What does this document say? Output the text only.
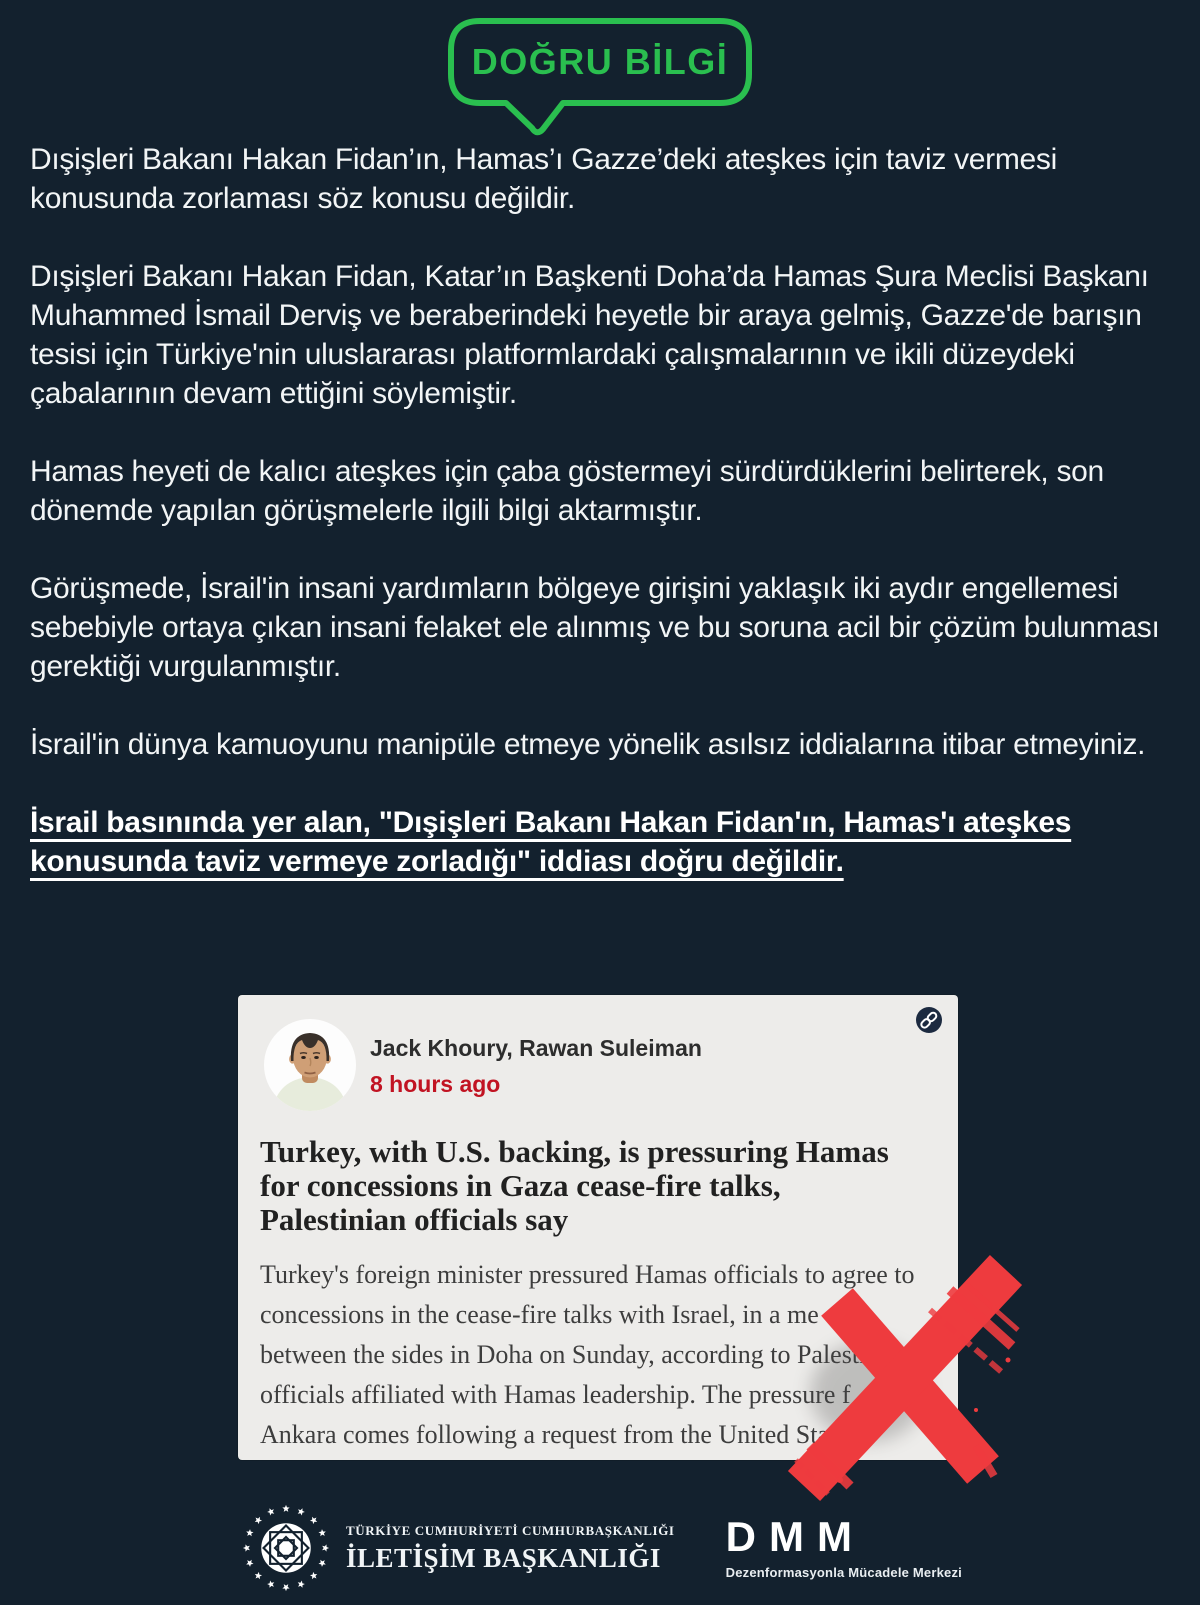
DOĞRU BİLGİ

Dışişleri Bakanı Hakan Fidan’ın, Hamas’ı Gazze’deki ateşkes için taviz vermesi konusunda zorlaması söz konusu değildir.

Dışişleri Bakanı Hakan Fidan, Katar’ın Başkenti Doha’da Hamas Şura Meclisi Başkanı Muhammed İsmail Derviş ve beraberindeki heyetle bir araya gelmiş, Gazze'de barışın tesisi için Türkiye'nin uluslararası platformlardaki çalışmalarının ve ikili düzeydeki çabalarının devam ettiğini söylemiştir.

Hamas heyeti de kalıcı ateşkes için çaba göstermeyi sürdürdüklerini belirterek, son dönemde yapılan görüşmelerle ilgili bilgi aktarmıştır.

Görüşmede, İsrail'in insani yardımların bölgeye girişini yaklaşık iki aydır engellemesi sebebiyle ortaya çıkan insani felaket ele alınmış ve bu soruna acil bir çözüm bulunması gerektiği vurgulanmıştır.

İsrail'in dünya kamuoyunu manipüle etmeye yönelik asılsız iddialarına itibar etmeyiniz.

İsrail basınında yer alan, "Dışişleri Bakanı Hakan Fidan'ın, Hamas'ı ateşkes konusunda taviz vermeye zorladığı" iddiası doğru değildir.

Jack Khoury, Rawan Suleiman
8 hours ago
Turkey, with U.S. backing, is pressuring Hamas
for concessions in Gaza cease-fire talks,
Palestinian officials say
Turkey's foreign minister pressured Hamas officials to agree to
concessions in the cease-fire talks with Israel, in a me
between the sides in Doha on Sunday, according to Palesti
officials affiliated with Hamas leadership. The pressure f
Ankara comes following a request from the United Sta
TÜRKİYE CUMHURİYETİ CUMHURBAŞKANLIĞI
İLETİŞİM BAŞKANLIĞI	DMM
Dezenformasyonla Mücadele Merkezi
